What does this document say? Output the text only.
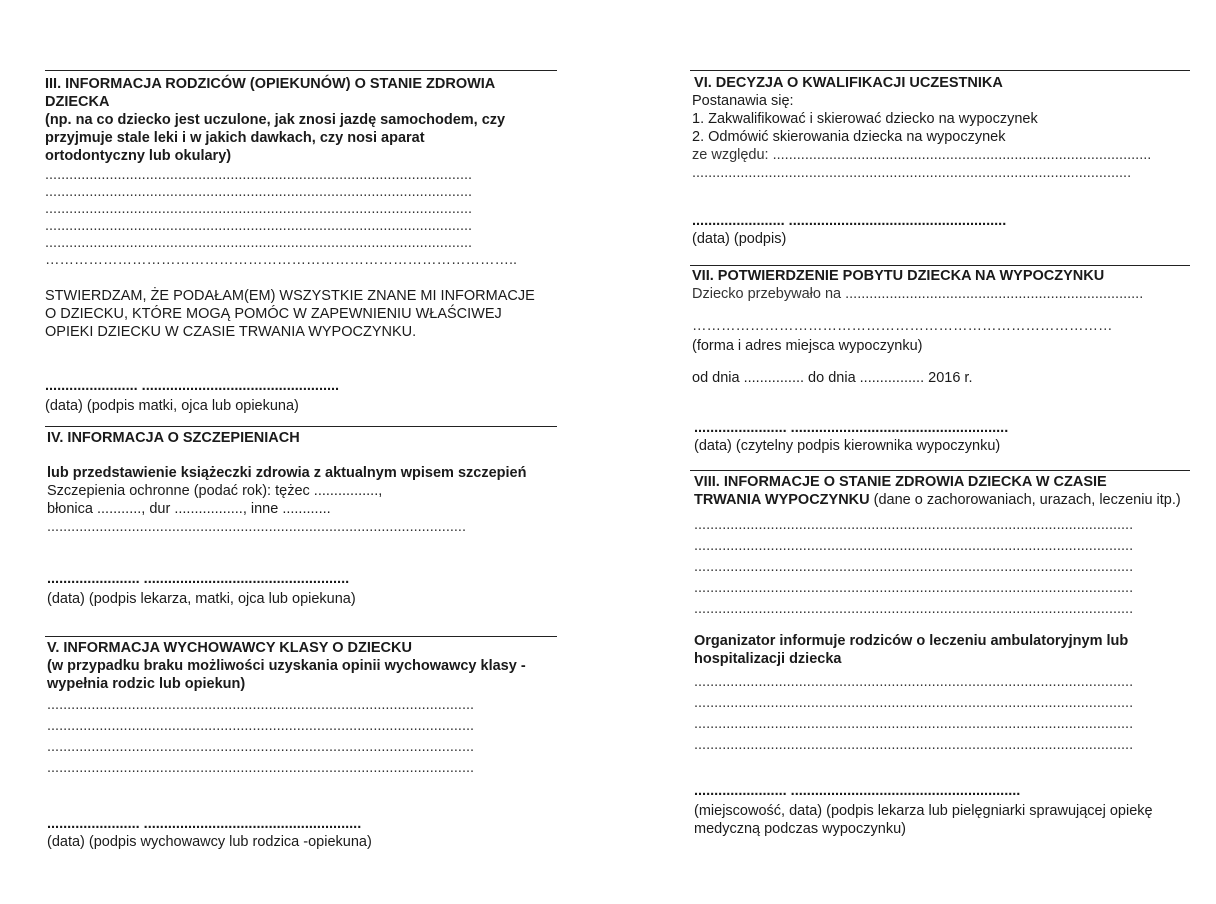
III. INFORMACJA RODZICÓW (OPIEKUNÓW) O STANIE ZDROWIA DZIECKA
(np. na co dziecko jest uczulone, jak znosi jazdę samochodem, czy przyjmuje stale leki i w jakich dawkach, czy nosi aparat ortodontyczny lub okulary)
..........................................................................................................
..........................................................................................................
..........................................................................................................
..........................................................................................................
..........................................................................................................
……………………………………………………………………………………..
STWIERDZAM, ŻE PODAŁAM(EM) WSZYSTKIE ZNANE MI INFORMACJE O DZIECKU, KTÓRE MOGĄ POMÓC W ZAPEWNIENIU WŁAŚCIWEJ OPIEKI DZIECKU W CZASIE TRWANIA WYPOCZYNKU.
....................... .................................................
(data) (podpis matki, ojca lub opiekuna)
IV. INFORMACJA O SZCZEPIENIACH
lub przedstawienie książeczki zdrowia z aktualnym wpisem szczepień
Szczepienia ochronne (podać rok): tężec ................,
błonica ..........., dur ................., inne ............
........................................................................................................
....................... ...................................................
(data) (podpis lekarza, matki, ojca lub opiekuna)
V. INFORMACJA WYCHOWAWCY KLASY O DZIECKU
(w przypadku braku możliwości uzyskania opinii wychowawcy klasy - wypełnia rodzic lub opiekun)
..........................................................................................................
..........................................................................................................
..........................................................................................................
..........................................................................................................
....................... ......................................................
(data) (podpis wychowawcy lub rodzica -opiekuna)
VI. DECYZJA O KWALIFIKACJI UCZESTNIKA
Postanawia się:
1. Zakwalifikować i skierować dziecko na wypoczynek
2. Odmówić skierowania dziecka na wypoczynek
ze względu: ..............................................................................................
.............................................................................................................
....................... ......................................................
(data) (podpis)
VII. POTWIERDZENIE POBYTU DZIECKA NA WYPOCZYNKU
Dziecko przebywało na ..........................................................................
……………………………………………………………………………
(forma i adres miejsca wypoczynku)
od dnia ............... do dnia ................ 2016 r.
....................... ......................................................
(data) (czytelny podpis kierownika wypoczynku)
VIII. INFORMACJE O STANIE ZDROWIA DZIECKA W CZASIE
TRWANIA WYPOCZYNKU (dane o zachorowaniach, urazach, leczeniu itp.)
.............................................................................................................
.............................................................................................................
.............................................................................................................
.............................................................................................................
.............................................................................................................
Organizator informuje rodziców o leczeniu ambulatoryjnym lub hospitalizacji dziecka
.............................................................................................................
.............................................................................................................
.............................................................................................................
.............................................................................................................
....................... .........................................................
(miejscowość, data) (podpis lekarza lub pielęgniarki sprawującej opiekę medyczną podczas wypoczynku)
